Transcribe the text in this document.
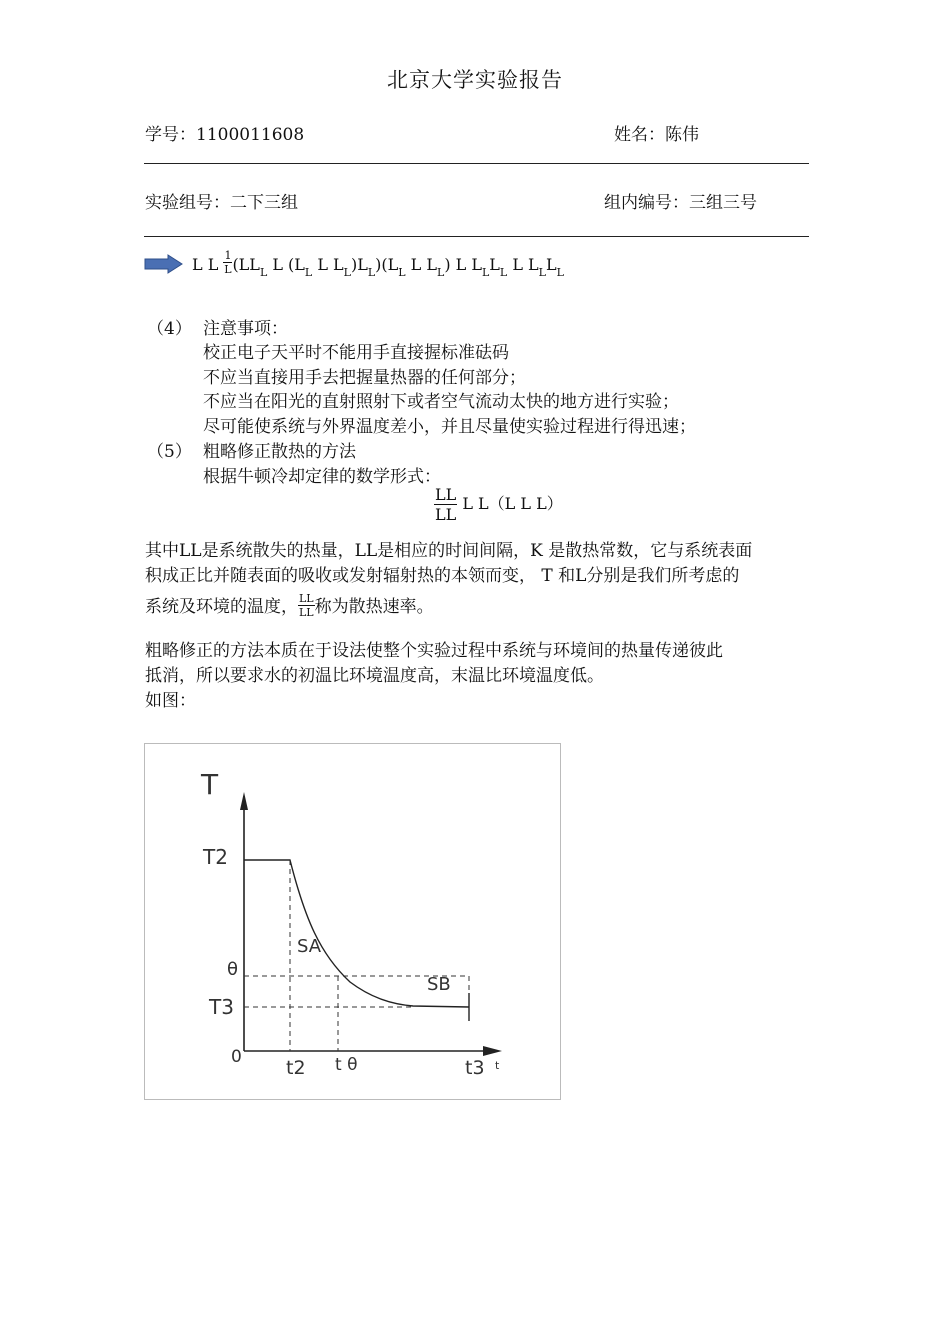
北京大学实验报告
学号：1100011608	姓名：陈伟
实验组号：二下三组	组内编号：三组三号
L L $\frac{1}{L} (LL_L$ L ($L_L$ L $L_L)L_L)(L_L$ L $L_L$) L $L_LL_L$ L $L_LL_L$
（4） 注意事项：
校正电子天平时不能用手直接握标准砝码
不应当直接用手去把握量热器的任何部分；
不应当在阳光的直射照射下或者空气流动太快的地方进行实验；
尽可能使系统与外界温度差小，并且尽量使实验过程进行得迅速；
（5） 粗略修正散热的方法
根据牛顿冷却定律的数学形式：
$\frac{LL}{LL}$ L L（L L L）
其中LL是系统散失的热量，LL是相应的时间间隔，K 是散热常数，它与系统表面
积成正比并随表面的吸收或发射辐射热的本领而变， T 和L分别是我们所考虑的
系统及环境的温度， $\frac{LL}{LL}$ 称为散热速率。
粗略修正的方法本质在于设法使整个实验过程中系统与环境间的热量传递彼此
抵消，所以要求水的初温比环境温度高，末温比环境温度低。
如图：
T
T2
θ
T3
0 t2 t θ	t3 t
SA
SB
